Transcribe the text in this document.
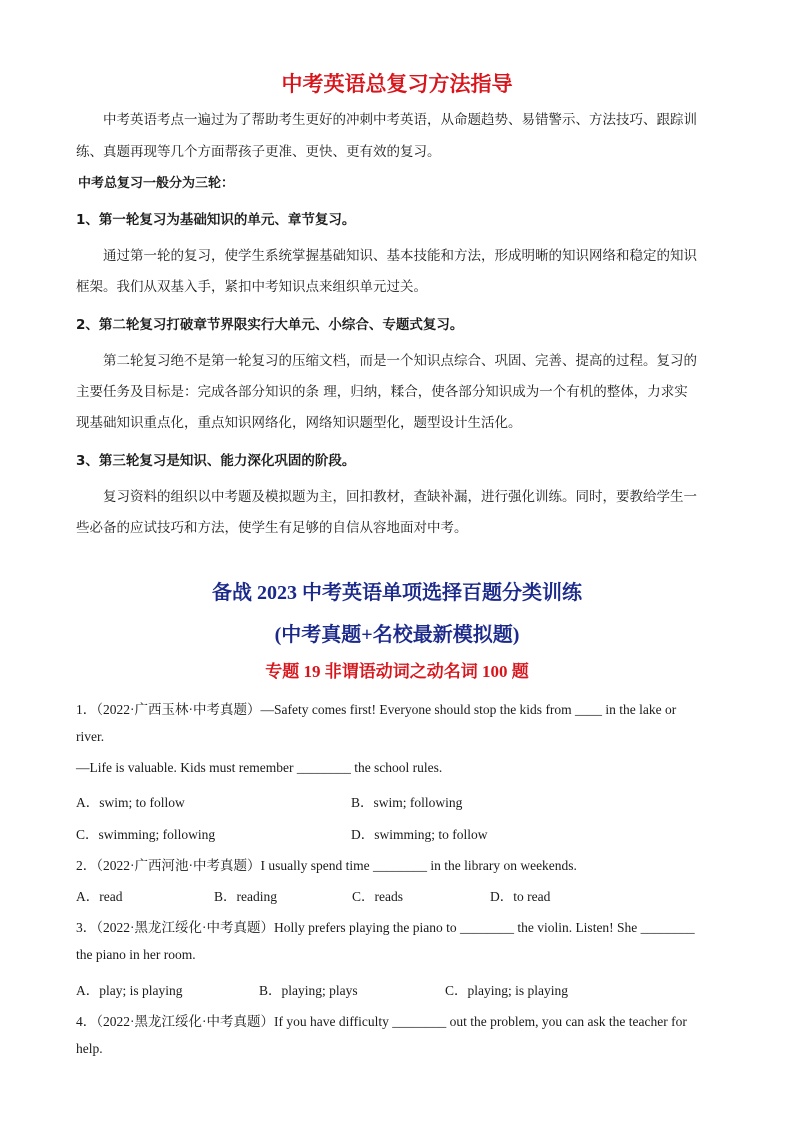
中考英语总复习方法指导
中考英语考点一遍过为了帮助考生更好的冲刺中考英语，从命题趋势、易错警示、方法技巧、跟踪训
练、真题再现等几个方面帮孩子更准、更快、更有效的复习。
中考总复习一般分为三轮：
1、第一轮复习为基础知识的单元、章节复习。
通过第一轮的复习，使学生系统掌握基础知识、基本技能和方法，形成明晰的知识网络和稳定的知识
框架。我们从双基入手，紧扣中考知识点来组织单元过关。
2、第二轮复习打破章节界限实行大单元、小综合、专题式复习。
第二轮复习绝不是第一轮复习的压缩文档，而是一个知识点综合、巩固、完善、提高的过程。复习的
主要任务及目标是：完成各部分知识的条 理，归纳，糅合，使各部分知识成为一个有机的整体，力求实
现基础知识重点化，重点知识网络化，网络知识题型化，题型设计生活化。
3、第三轮复习是知识、能力深化巩固的阶段。
复习资料的组织以中考题及模拟题为主，回扣教材，查缺补漏，进行强化训练。同时，要教给学生一
些必备的应试技巧和方法，使学生有足够的自信从容地面对中考。
备战 2023 中考英语单项选择百题分类训练
(中考真题+名校最新模拟题)
专题 19 非谓语动词之动名词 100 题
1．（2022·广西玉林·中考真题）—Safety comes first! Everyone should stop the kids from ____ in the lake or
river.
—Life is valuable. Kids must remember ________ the school rules.
A．swim; to follow	B．swim; following
C．swimming; following	D．swimming; to follow
2．（2022·广西河池·中考真题）I usually spend time ________ in the library on weekends.
A．read	B．reading	C．reads	D．to read
3．（2022·黑龙江绥化·中考真题）Holly prefers playing the piano to ________ the violin. Listen! She ________
the piano in her room.
A．play; is playing	B．playing; plays	C．playing; is playing
4．（2022·黑龙江绥化·中考真题）If you have difficulty ________ out the problem, you can ask the teacher for
help.
